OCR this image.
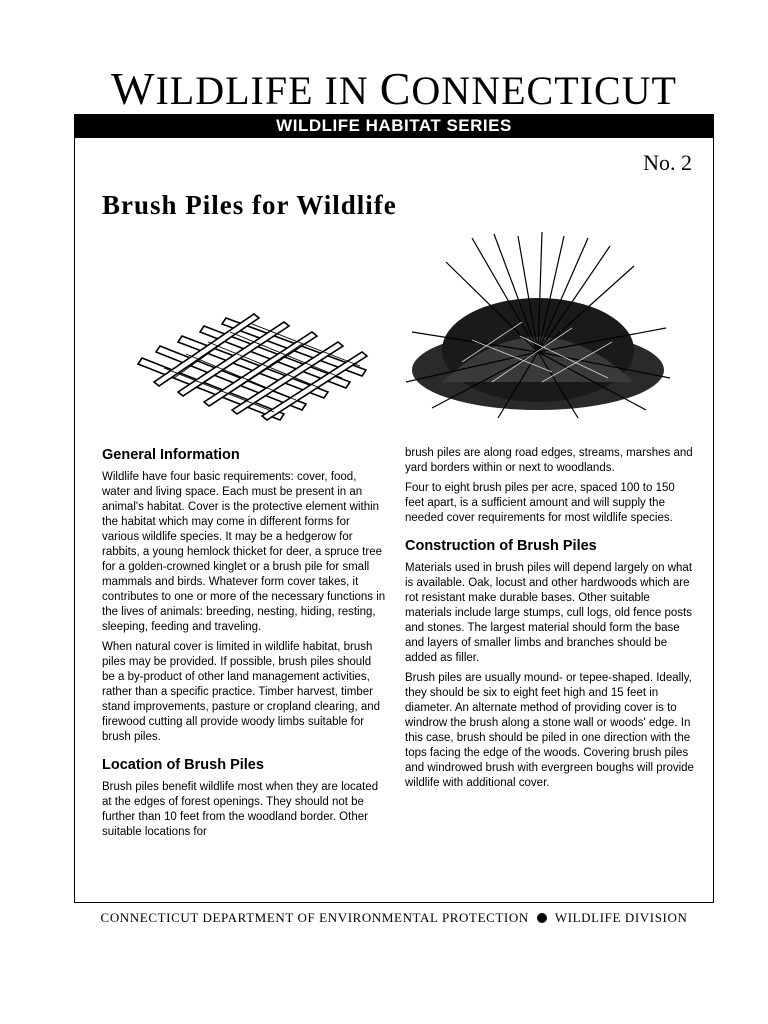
WILDLIFE IN CONNECTICUT
WILDLIFE HABITAT SERIES
No. 2
Brush Piles for Wildlife
General Information

Wildlife have four basic requirements: cover, food, water and living space. Each must be present in an animal's habitat. Cover is the protective element within the habitat which may come in different forms for various wildlife species. It may be a hedgerow for rabbits, a young hemlock thicket for deer, a spruce tree for a golden-crowned kinglet or a brush pile for small mammals and birds. Whatever form cover takes, it contributes to one or more of the necessary functions in the lives of animals: breeding, nesting, hiding, resting, sleeping, feeding and traveling.

When natural cover is limited in wildlife habitat, brush piles may be provided. If possible, brush piles should be a by-product of other land management activities, rather than a specific practice. Timber harvest, timber stand improvements, pasture or cropland clearing, and firewood cutting all provide woody limbs suitable for brush piles.

Location of Brush Piles

Brush piles benefit wildlife most when they are located at the edges of forest openings. They should not be further than 10 feet from the woodland border. Other suitable locations for

brush piles are along road edges, streams, marshes and yard borders within or next to woodlands.

Four to eight brush piles per acre, spaced 100 to 150 feet apart, is a sufficient amount and will supply the needed cover requirements for most wildlife species.

Construction of Brush Piles

Materials used in brush piles will depend largely on what is available. Oak, locust and other hardwoods which are rot resistant make durable bases. Other suitable materials include large stumps, cull logs, old fence posts and stones. The largest material should form the base and layers of smaller limbs and branches should be added as filler.

Brush piles are usually mound- or tepee-shaped. Ideally, they should be six to eight feet high and 15 feet in diameter. An alternate method of providing cover is to windrow the brush along a stone wall or woods' edge. In this case, brush should be piled in one direction with the tops facing the edge of the woods. Covering brush piles and windrowed brush with evergreen boughs will provide wildlife with additional cover.

CONNECTICUT DEPARTMENT OF ENVIRONMENTAL PROTECTION WILDLIFE DIVISION
